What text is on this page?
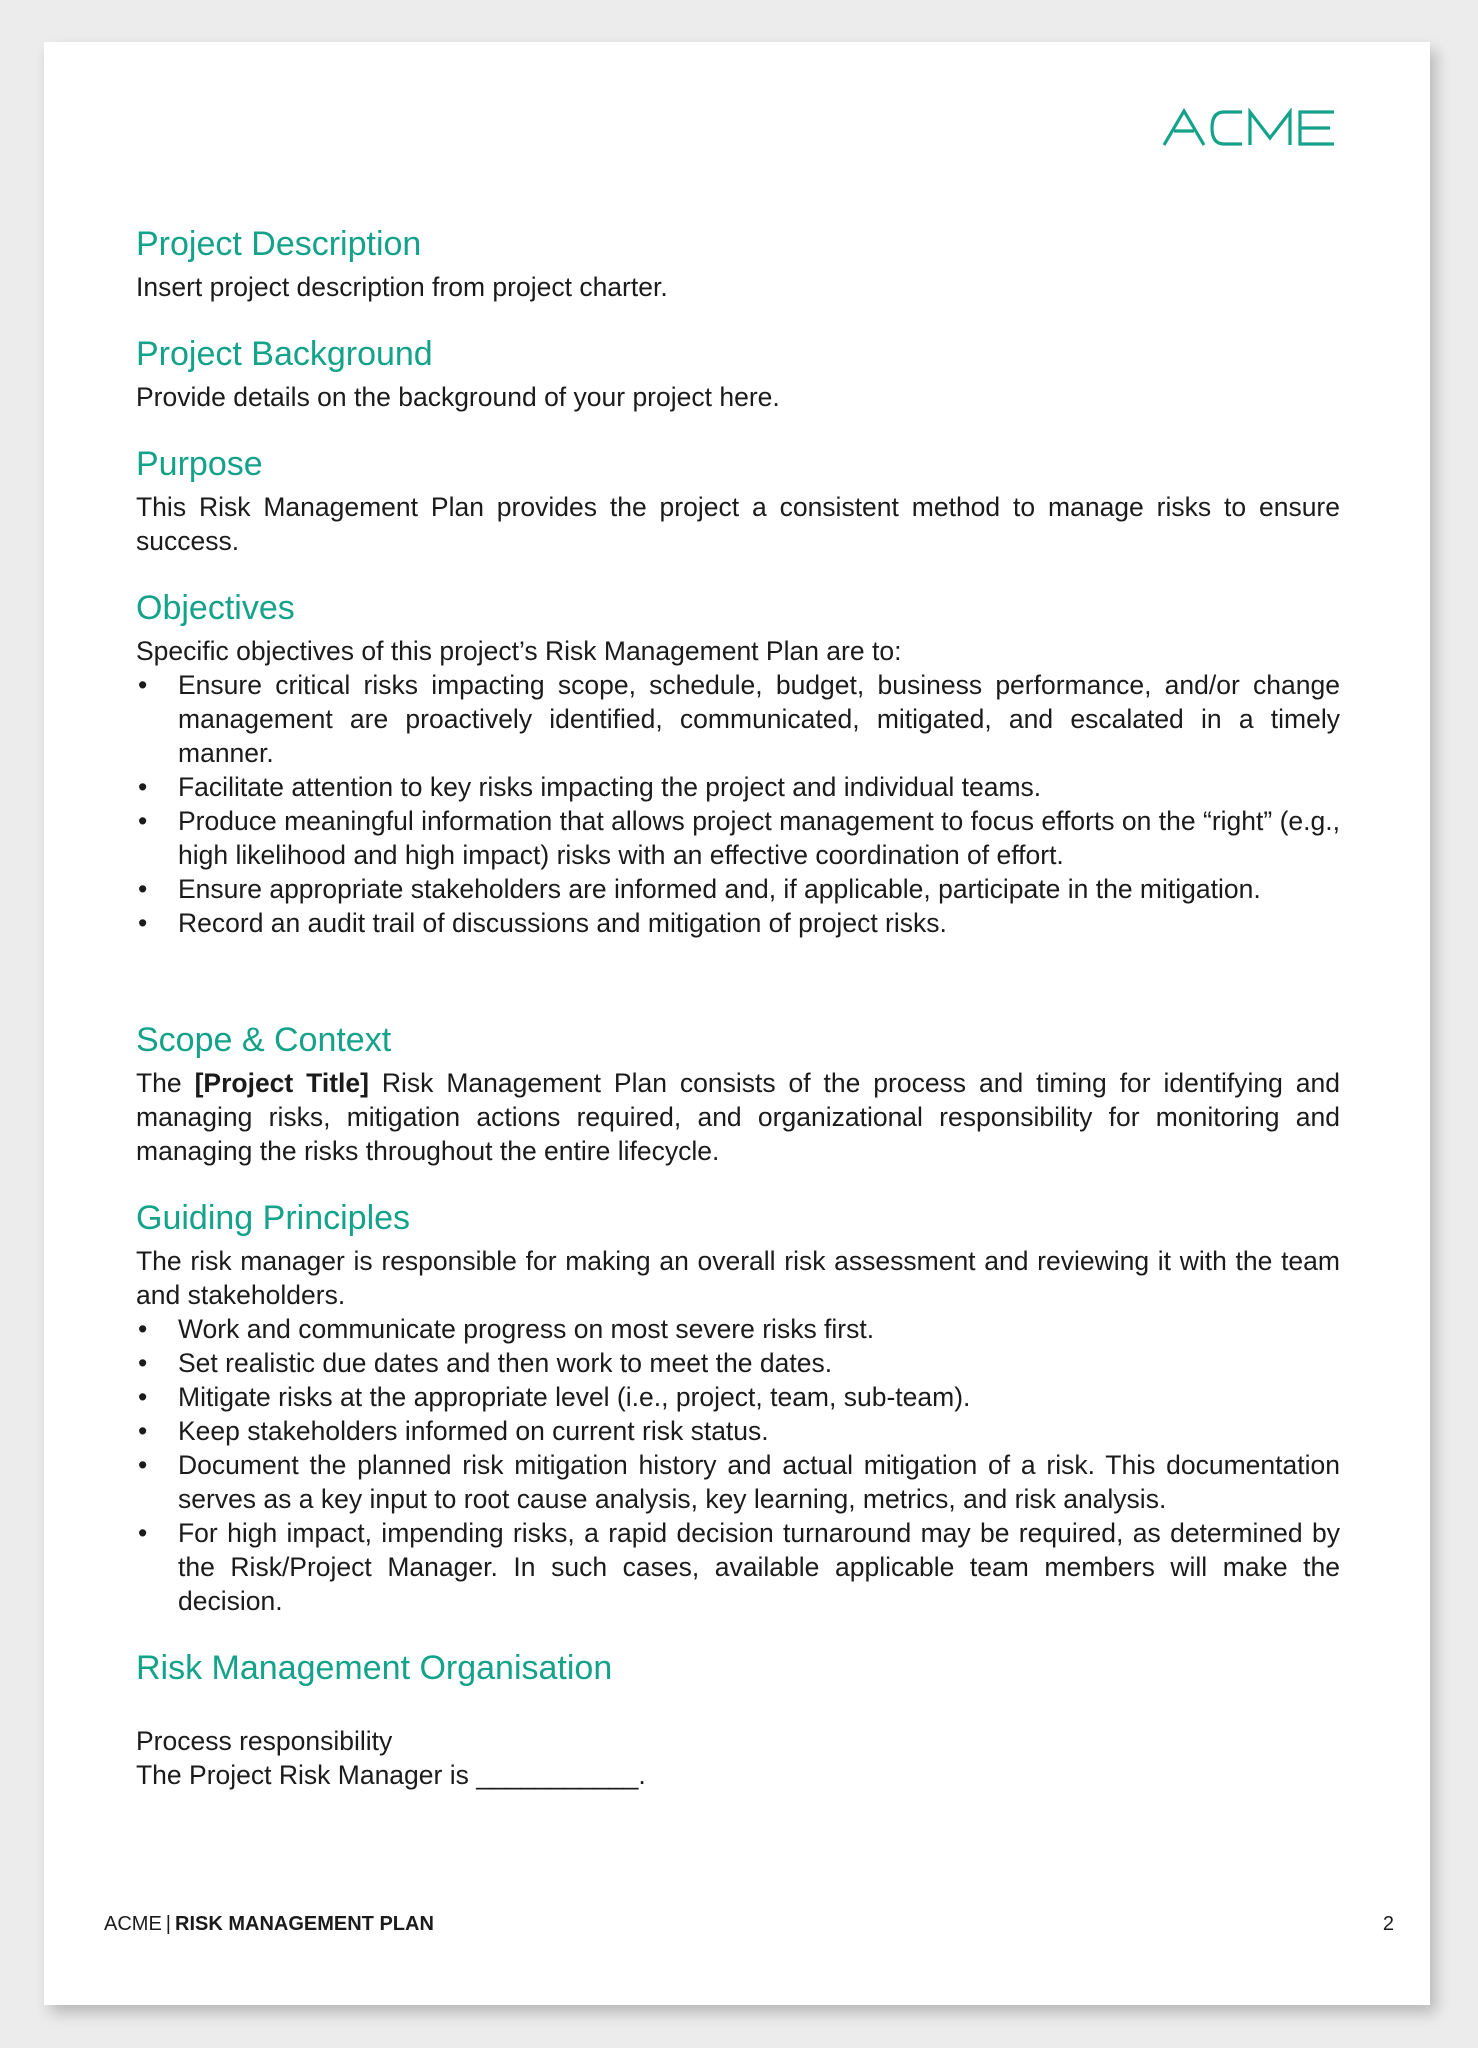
Project Description

Insert project description from project charter.

Project Background

Provide details on the background of your project here.

Purpose

This Risk Management Plan provides the project a consistent method to manage risks to ensure success.

Objectives

Specific objectives of this project’s Risk Management Plan are to:

• Ensure critical risks impacting scope, schedule, budget, business performance, and/or change management are proactively identified, communicated, mitigated, and escalated in a timely manner.
• Facilitate attention to key risks impacting the project and individual teams.
• Produce meaningful information that allows project management to focus efforts on the “right” (e.g., high likelihood and high impact) risks with an effective coordination of effort.
• Ensure appropriate stakeholders are informed and, if applicable, participate in the mitigation.
• Record an audit trail of discussions and mitigation of project risks.
Scope & Context

The [Project Title] Risk Management Plan consists of the process and timing for identifying and managing risks, mitigation actions required, and organizational responsibility for monitoring and managing the risks throughout the entire lifecycle.

Guiding Principles

The risk manager is responsible for making an overall risk assessment and reviewing it with the team and stakeholders.

• Work and communicate progress on most severe risks first.
• Set realistic due dates and then work to meet the dates.
• Mitigate risks at the appropriate level (i.e., project, team, sub-team).
• Keep stakeholders informed on current risk status.
• Document the planned risk mitigation history and actual mitigation of a risk. This documentation serves as a key input to root cause analysis, key learning, metrics, and risk analysis.
• For high impact, impending risks, a rapid decision turnaround may be required, as determined by the Risk/Project Manager. In such cases, available applicable team members will make the decision.
Risk Management Organisation

Process responsibility

The Project Risk Manager is ___________.

ACME | RISK MANAGEMENT PLAN	2
